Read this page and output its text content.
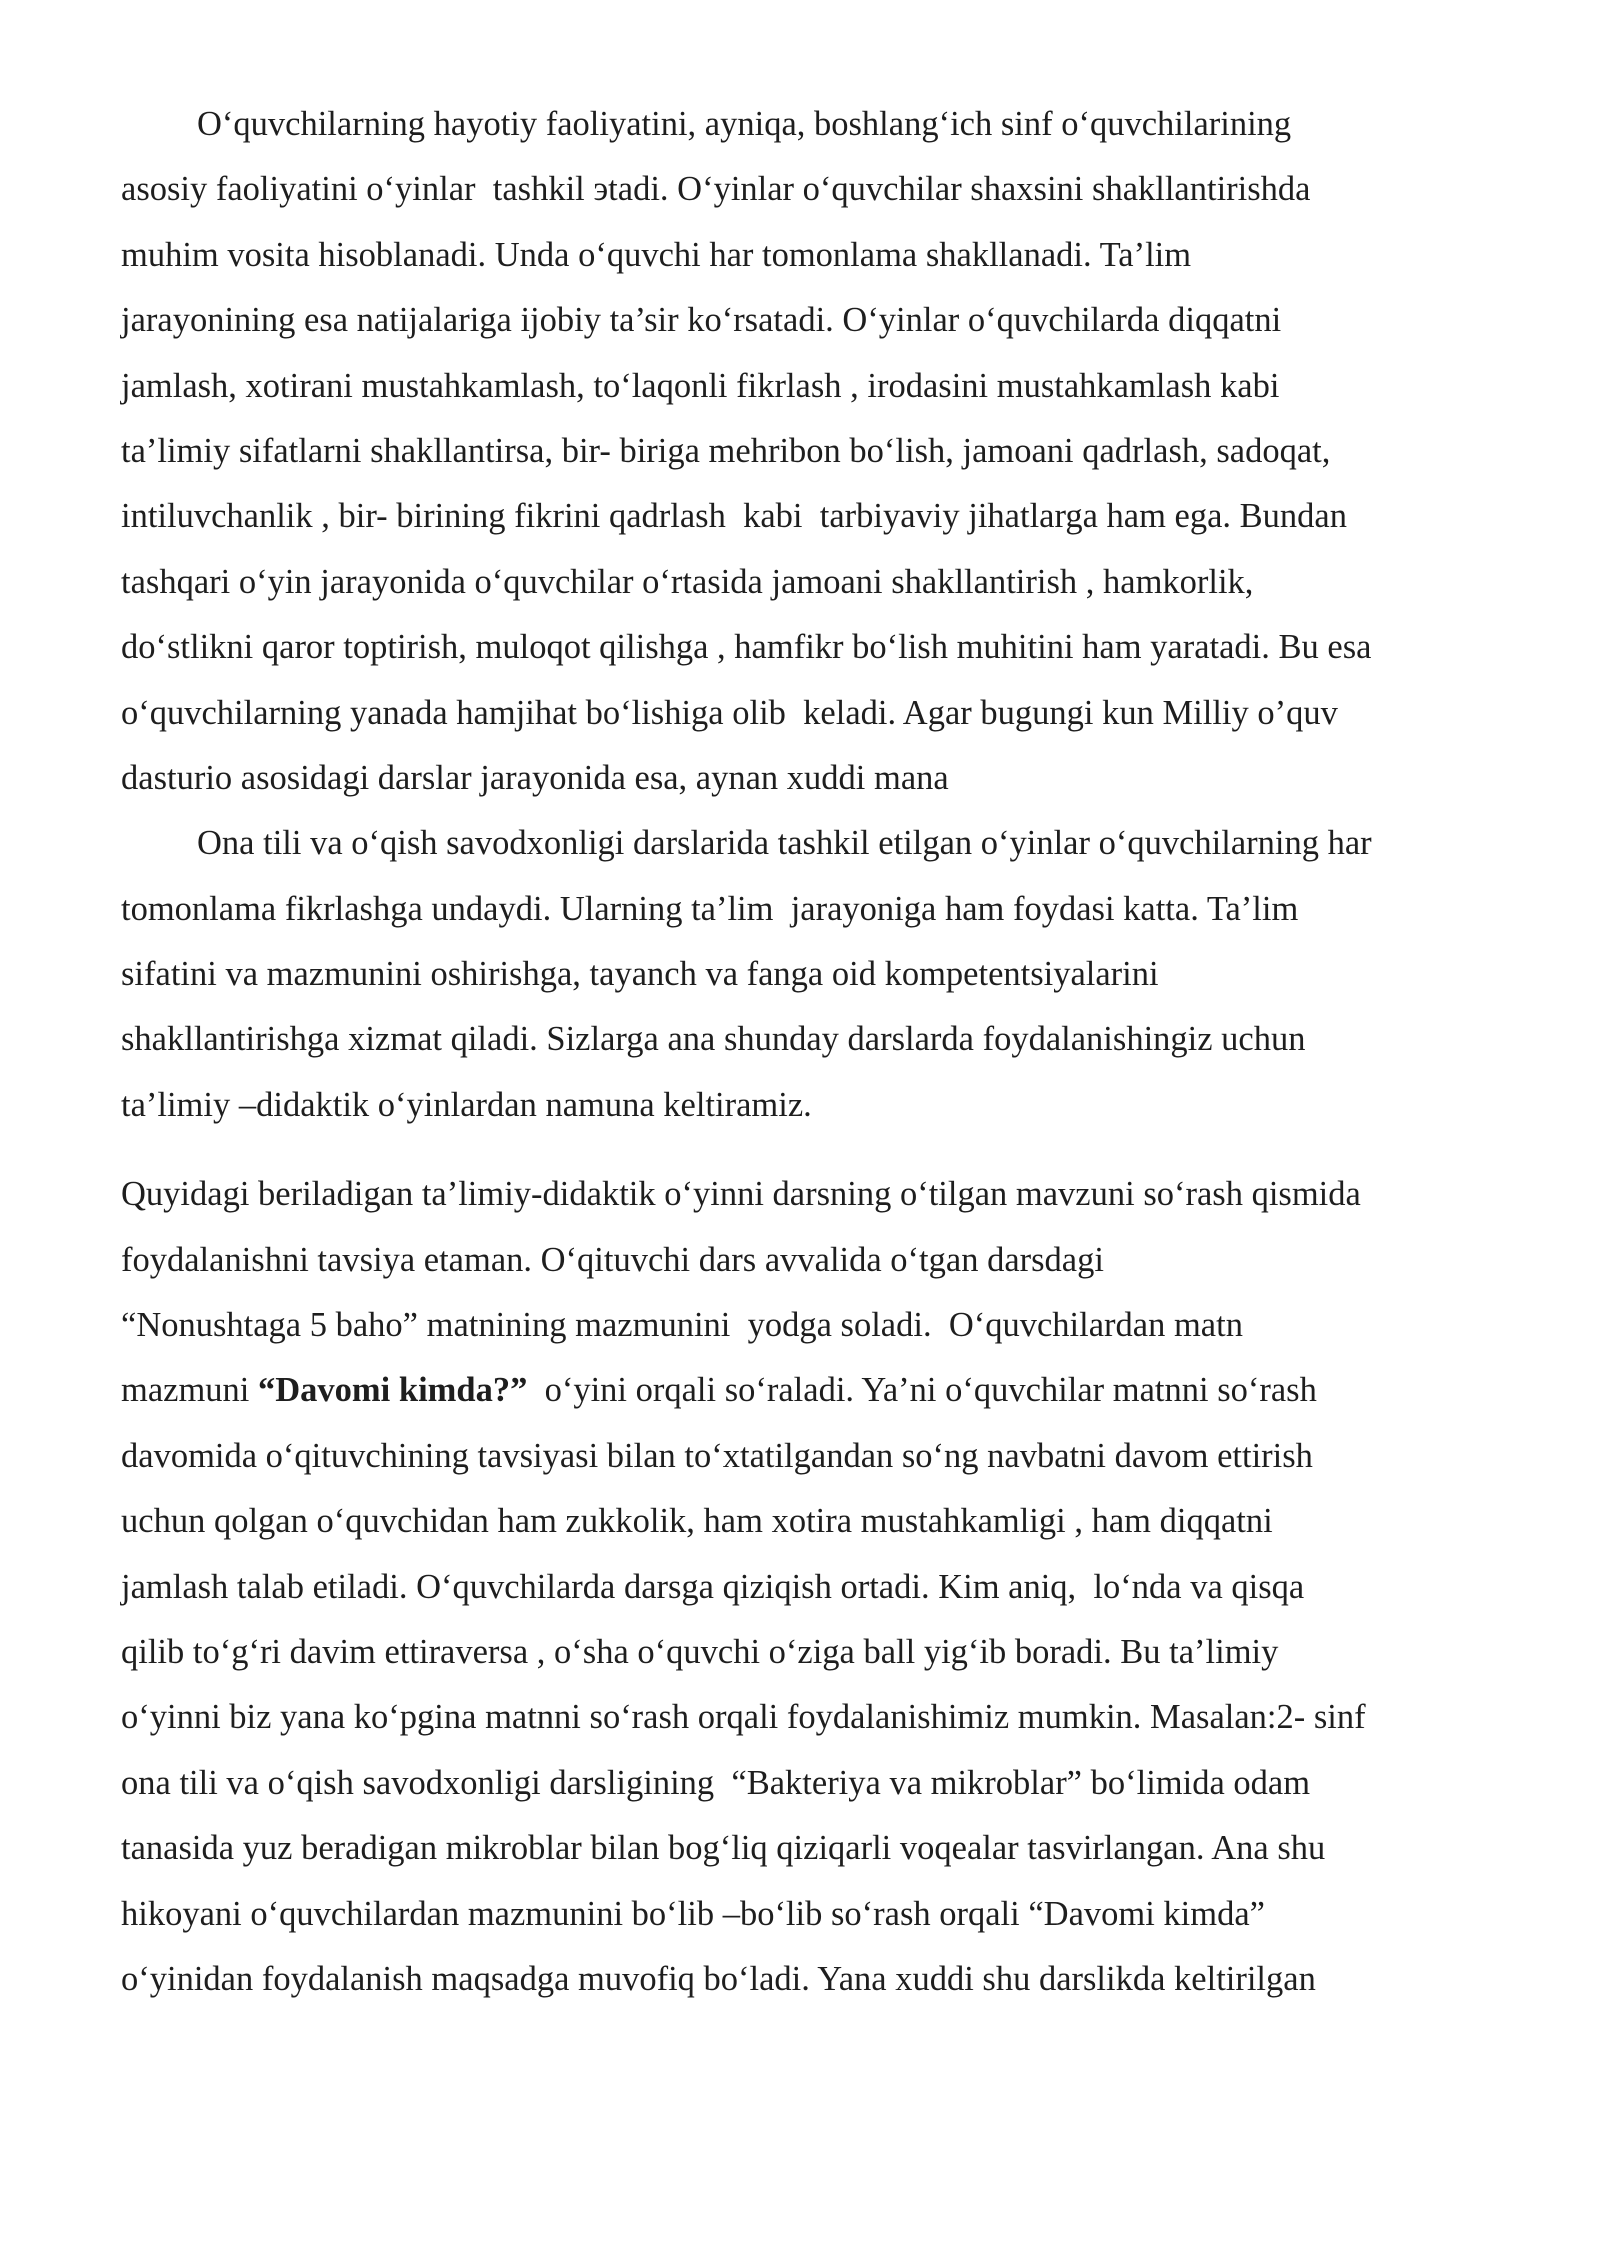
Oʻquvchilarning hayotiy faoliyatini, ayniqa, boshlangʻich sinf oʻquvchilarining
asosiy faoliyatini oʻyinlar  tashkil эtadi. Oʻyinlar oʻquvchilar shaxsini shakllantirishda
muhim vosita hisoblanadi. Unda oʻquvchi har tomonlama shakllanadi. Ta’lim
jarayonining esa natijalariga ijobiy ta’sir koʻrsatadi. Oʻyinlar oʻquvchilarda diqqatni
jamlash, xotirani mustahkamlash, toʻlaqonli fikrlash , irodasini mustahkamlash kabi
ta’limiy sifatlarni shakllantirsa, bir- biriga mehribon boʻlish, jamoani qadrlash, sadoqat,
intiluvchanlik , bir- birining fikrini qadrlash  kabi  tarbiyaviy jihatlarga ham ega. Bundan
tashqari oʻyin jarayonida oʻquvchilar oʻrtasida jamoani shakllantirish , hamkorlik,
doʻstlikni qaror toptirish, muloqot qilishga , hamfikr boʻlish muhitini ham yaratadi. Bu esa
oʻquvchilarning yanada hamjihat boʻlishiga olib  keladi. Agar bugungi kun Milliy o’quv
dasturio asosidagi darslar jarayonida esa, aynan xuddi mana
Ona tili va oʻqish savodxonligi darslarida tashkil etilgan oʻyinlar oʻquvchilarning har
tomonlama fikrlashga undaydi. Ularning ta’lim  jarayoniga ham foydasi katta. Ta’lim
sifatini va mazmunini oshirishga, tayanch va fanga oid kompetentsiyalarini
shakllantirishga xizmat qiladi. Sizlarga ana shunday darslarda foydalanishingiz uchun
ta’limiy –didaktik oʻyinlardan namuna keltiramiz.
Quyidagi beriladigan ta’limiy-didaktik oʻyinni darsning oʻtilgan mavzuni soʻrash qismida
foydalanishni tavsiya etaman. Oʻqituvchi dars avvalida oʻtgan darsdagi
“Nonushtaga 5 baho” matnining mazmunini  yodga soladi.  Oʻquvchilardan matn
mazmuni “Davomi kimda?”  oʻyini orqali soʻraladi. Ya’ni oʻquvchilar matnni soʻrash
davomida oʻqituvchining tavsiyasi bilan toʻxtatilgandan soʻng navbatni davom ettirish
uchun qolgan oʻquvchidan ham zukkolik, ham xotira mustahkamligi , ham diqqatni
jamlash talab etiladi. Oʻquvchilarda darsga qiziqish ortadi. Kim aniq,  loʻnda va qisqa
qilib toʻgʻri davim ettiraversa , oʻsha oʻquvchi oʻziga ball yigʻib boradi. Bu ta’limiy
oʻyinni biz yana koʻpgina matnni soʻrash orqali foydalanishimiz mumkin. Masalan:2- sinf
ona tili va oʻqish savodxonligi darsligining  “Bakteriya va mikroblar” boʻlimida odam
tanasida yuz beradigan mikroblar bilan bogʻliq qiziqarli voqealar tasvirlangan. Ana shu
hikoyani oʻquvchilardan mazmunini boʻlib –boʻlib soʻrash orqali “Davomi kimda”
oʻyinidan foydalanish maqsadga muvofiq boʻladi. Yana xuddi shu darslikda keltirilgan
